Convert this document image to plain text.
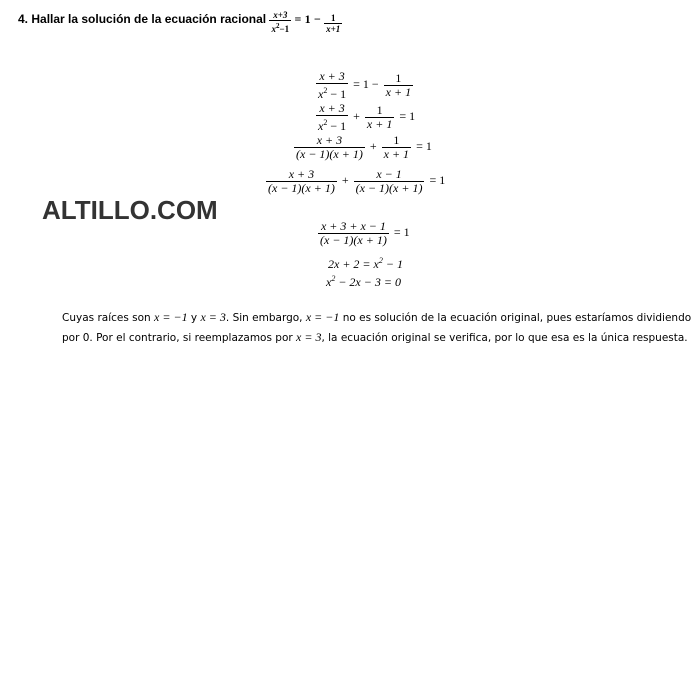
4. Hallar la solución de la ecuación racional $\frac{x+3}{x^2-1} = 1 - \frac{1}{x+1}$
$\frac{x + 3}{x^2 - 1} = 1 - \frac{1}{x + 1}$
$\frac{x + 3}{x^2 - 1} + \frac{1}{x + 1} = 1$
$\frac{x + 3}{(x - 1)(x + 1)} + \frac{1}{x + 1} = 1$
$\frac{x + 3}{(x - 1)(x + 1)} + \frac{x - 1}{(x - 1)(x + 1)} = 1$
ALTILLO.COM
$\frac{x + 3 + x - 1}{(x - 1)(x + 1)} = 1$
$2x + 2 = x^2 - 1$
$x^2 - 2x - 3 = 0$
Cuyas raíces son x = −1 y x = 3. Sin embargo, x = −1 no es solución de la ecuación original, pues estaríamos dividiendo por 0. Por el contrario, si reemplazamos por x = 3, la ecuación original se verifica, por lo que esa es la única respuesta.
